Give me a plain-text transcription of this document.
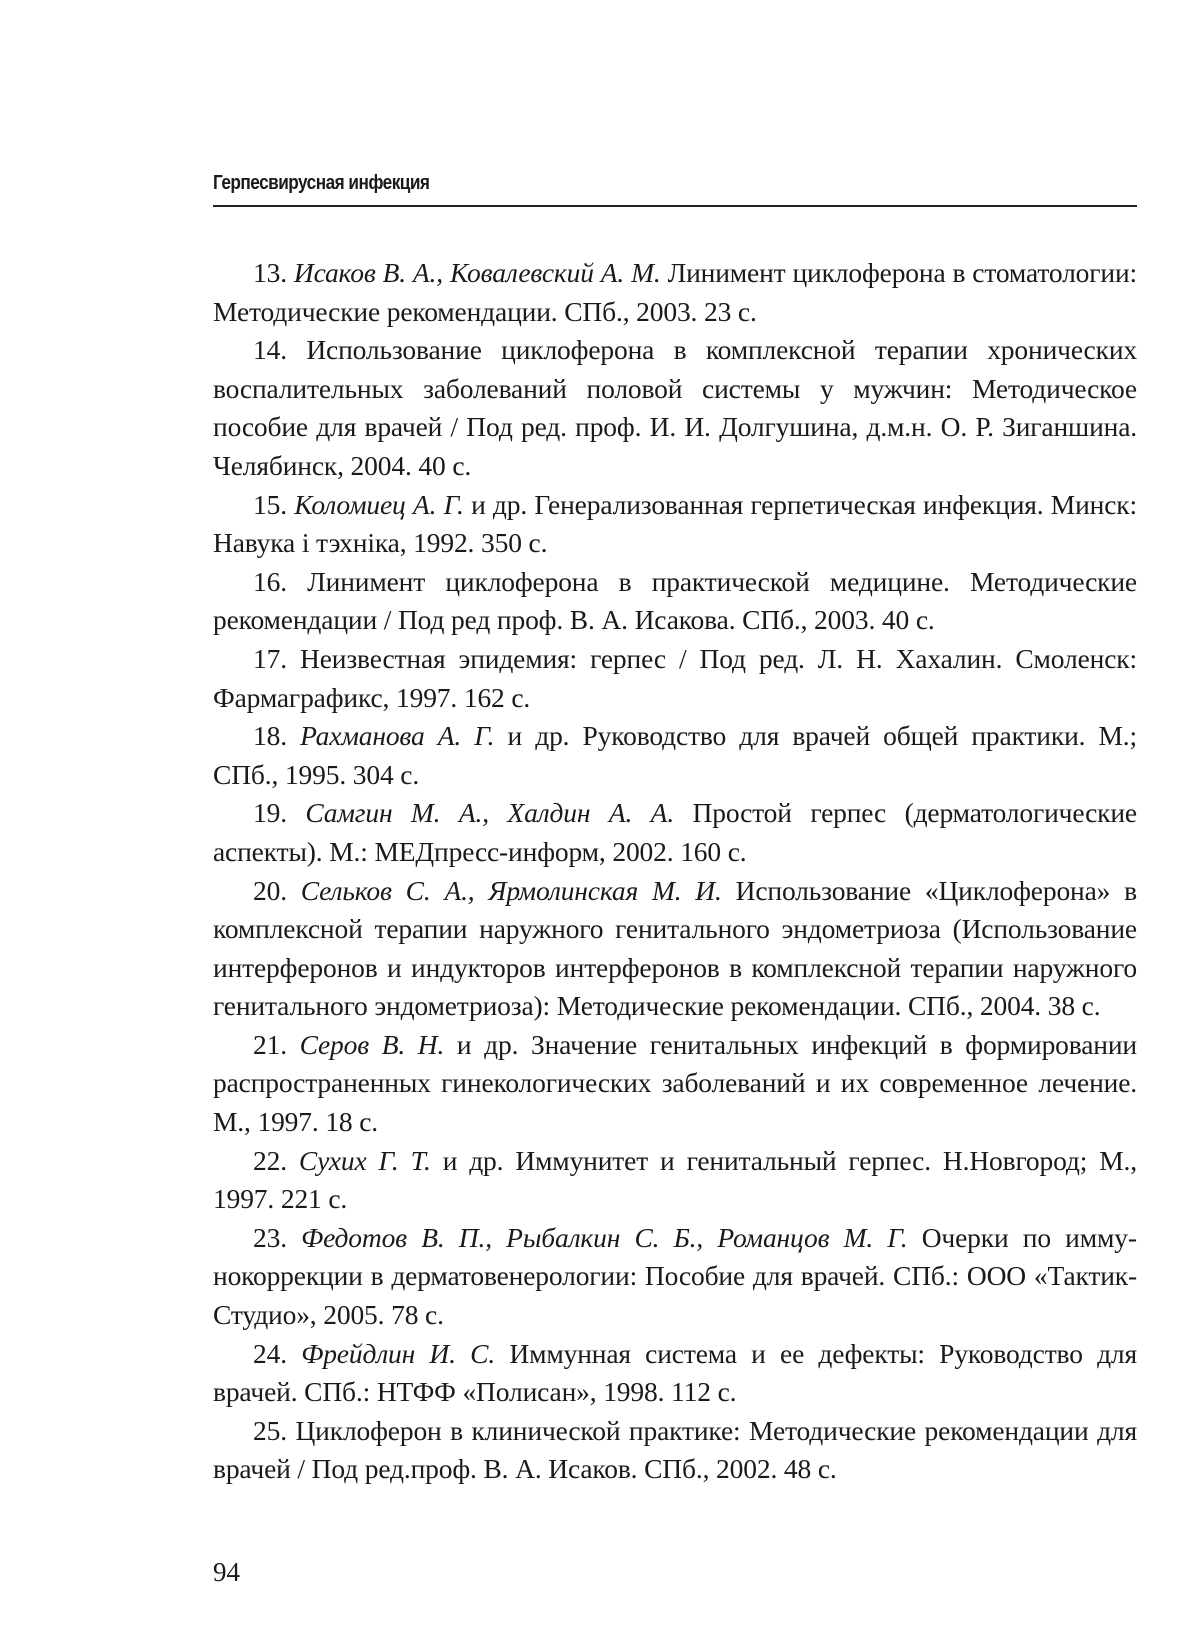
Герпесвирусная инфекция
13. Исаков В. А., Ковалевский А. М. Линимент циклоферона в стоматологии: Методические рекомендации. СПб., 2003. 23 с.
14. Использование циклоферона в комплексной терапии хронических воспалительных заболеваний половой системы у мужчин: Методическое пособие для врачей / Под ред. проф. И. И. Долгушина, д.м.н. О. Р. Зиганшина. Челябинск, 2004. 40 с.
15. Коломиец А. Г. и др. Генерализованная герпетическая инфекция. Минск: Навука і тэхніка, 1992. 350 с.
16. Линимент циклоферона в практической медицине. Методические рекомендации / Под ред проф. В. А. Исакова. СПб., 2003. 40 с.
17. Неизвестная эпидемия: герпес / Под ред. Л. Н. Хахалин. Смоленск: Фармаграфикс, 1997. 162 с.
18. Рахманова А. Г. и др. Руководство для врачей общей практики. М.; СПб., 1995. 304 с.
19. Самгин М. А., Халдин А. А. Простой герпес (дерматологические аспекты). М.: МЕДпресс-информ, 2002. 160 с.
20. Сельков С. А., Ярмолинская М. И. Использование «Циклоферона» в комплексной терапии наружного генитального эндометриоза (Использование интерферонов и индукторов интерферонов в комплексной терапии наружного генитального эндометриоза): Методические рекомендации. СПб., 2004. 38 с.
21. Серов В. Н. и др. Значение генитальных инфекций в формировании распространенных гинекологических заболеваний и их современное лечение. М., 1997. 18 с.
22. Сухих Г. Т. и др. Иммунитет и генитальный герпес. Н.Новгород; М., 1997. 221 с.
23. Федотов В. П., Рыбалкин С. Б., Романцов М. Г. Очерки по иммунокоррекции в дерматовенерологии: Пособие для врачей. СПб.: ООО «Тактик-Студио», 2005. 78 с.
24. Фрейдлин И. С. Иммунная система и ее дефекты: Руководство для врачей. СПб.: НТФФ «Полисан», 1998. 112 с.
25. Циклоферон в клинической практике: Методические рекомендации для врачей / Под ред.проф. В. А. Исаков. СПб., 2002. 48 с.
94
